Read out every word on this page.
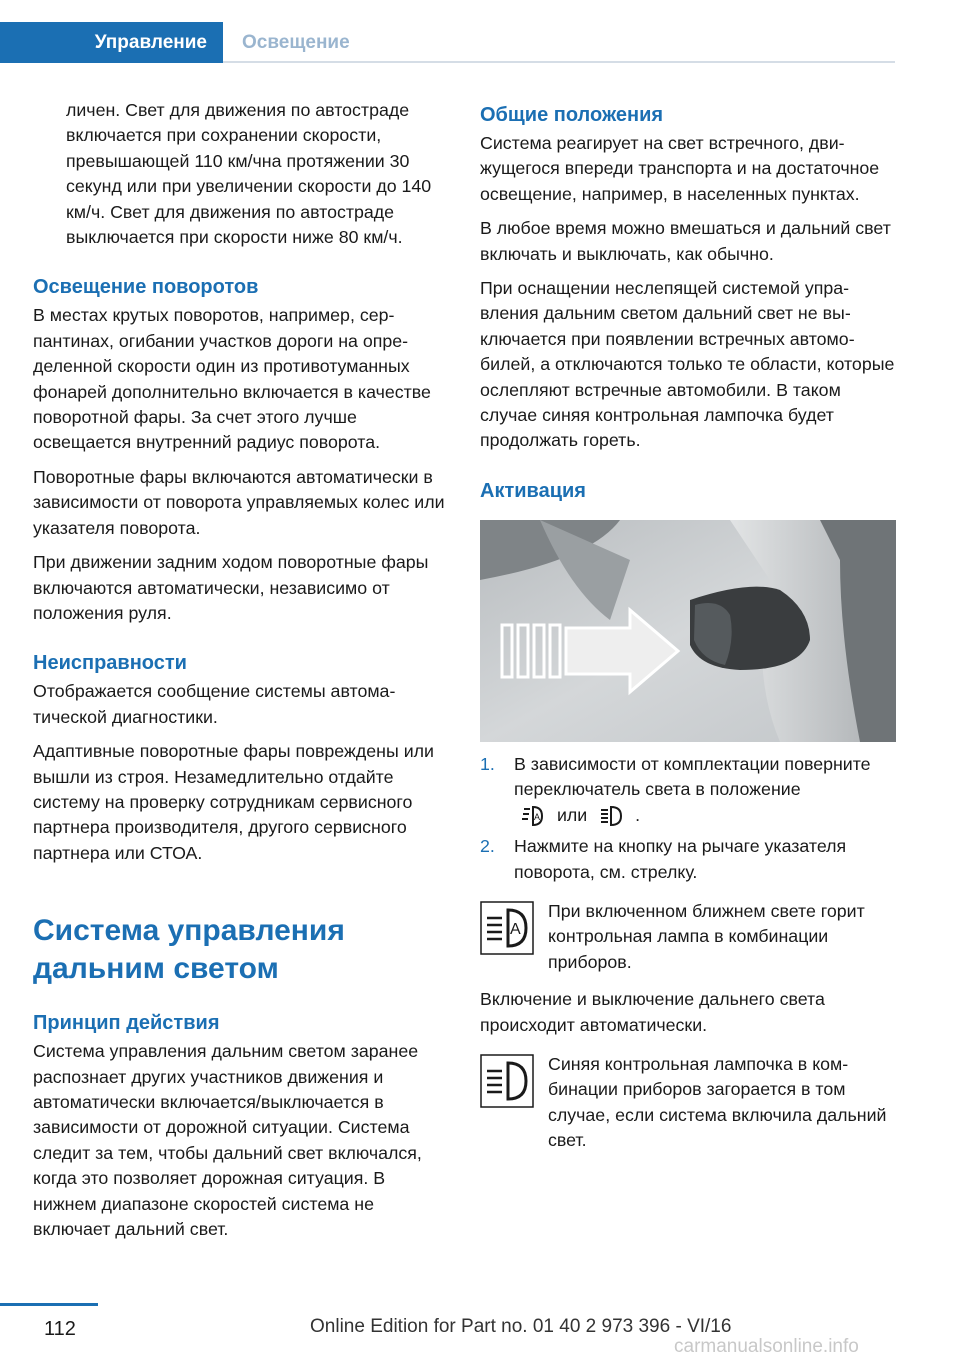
Управление	Освещение

личен. Свет для движения по автостраде включается при сохранении скорости, превышающей 110 км/чна протяжении 30 секунд или при увеличении скорости до 140 км/ч. Свет для движения по автостраде выключается при скорости ниже 80 км/ч.

Освещение поворотов

В местах крутых поворотов, например, серпантинах, огибании участков дороги на определенной скорости один из противотуманных фонарей дополнительно включается в качестве поворотной фары. За счет этого лучше освещается внутренний радиус поворота.

Поворотные фары включаются автоматически в зависимости от поворота управляемых колес или указателя поворота.

При движении задним ходом поворотные фары включаются автоматически, независимо от положения руля.

Неисправности

Отображается сообщение системы автоматической диагностики.

Адаптивные поворотные фары повреждены или вышли из строя. Незамедлительно отдайте систему на проверку сотрудникам сервисного партнера производителя, другого сервисного партнера или СТОА.

Система управления дальним светом
Принцип действия

Система управления дальним светом заранее распознает других участников движения и автоматически включается/выключается в зависимости от дорожной ситуации. Система следит за тем, чтобы дальний свет включался, когда это позволяет дорожная ситуация. В нижнем диапазоне скоростей система не включает дальний свет.

Общие положения

Система реагирует на свет встречного, движущегося впереди транспорта и на достаточное освещение, например, в населенных пунктах.

В любое время можно вмешаться и дальний свет включать и выключать, как обычно.

При оснащении неслепящей системой управления дальним светом дальний свет не выключается при появлении встречных автомобилей, а отключаются только те области, которые ослепляют встречные автомобили. В таком случае синяя контрольная лампочка будет продолжать гореть.

Активация
1.	В зависимости от комплектации поверните переключатель света в положение

A или	.
2.	Нажмите на кнопку на рычаге указателя поворота, см. стрелку.
A
При включенном ближнем свете горит контрольная лампа в комбинации приборов.

Включение и выключение дальнего света происходит автоматически.

Синяя контрольная лампочка в комбинации приборов загорается в том случае, если система включила дальний свет.
112	Online Edition for Part no. 01 40 2 973 396 - VI/16
carmanualsonline.info
